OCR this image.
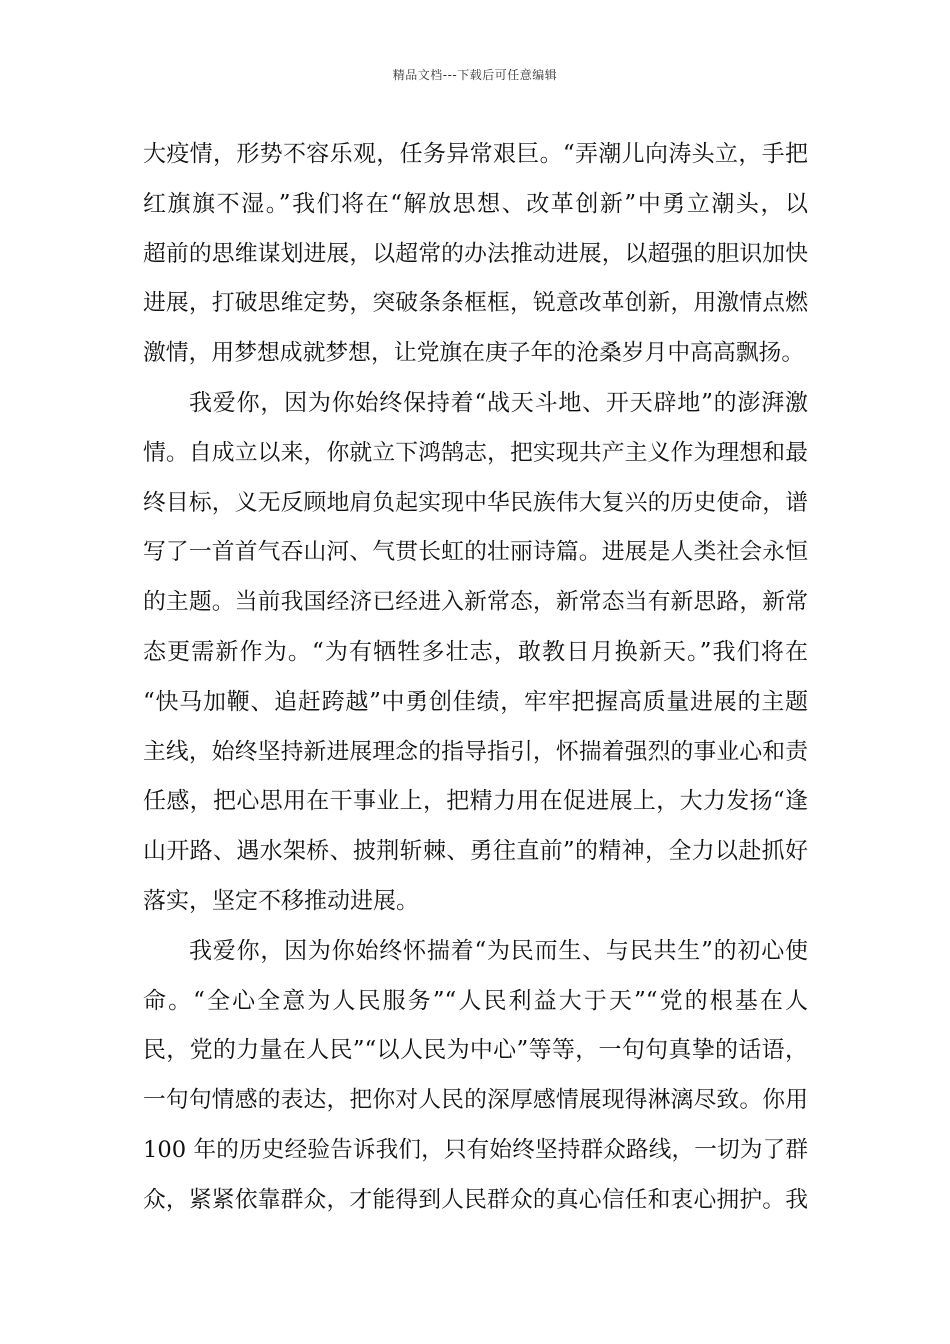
精品文档---下载后可任意编辑
大疫情，形势不容乐观，任务异常艰巨。“弄潮儿向涛头立，手把
红旗旗不湿。”我们将在“解放思想、改革创新”中勇立潮头，以
超前的思维谋划进展，以超常的办法推动进展，以超强的胆识加快
进展，打破思维定势，突破条条框框，锐意改革创新，用激情点燃
激情，用梦想成就梦想，让党旗在庚子年的沧桑岁月中高高飘扬。
我爱你，因为你始终保持着“战天斗地、开天辟地”的澎湃激
情。自成立以来，你就立下鸿鹄志，把实现共产主义作为理想和最
终目标，义无反顾地肩负起实现中华民族伟大复兴的历史使命，谱
写了一首首气吞山河、气贯长虹的壮丽诗篇。进展是人类社会永恒
的主题。当前我国经济已经进入新常态，新常态当有新思路，新常
态更需新作为。“为有牺牲多壮志，敢教日月换新天。”我们将在
“快马加鞭、追赶跨越”中勇创佳绩，牢牢把握高质量进展的主题
主线，始终坚持新进展理念的指导指引，怀揣着强烈的事业心和责
任感，把心思用在干事业上，把精力用在促进展上，大力发扬“逢
山开路、遇水架桥、披荆斩棘、勇往直前”的精神，全力以赴抓好
落实，坚定不移推动进展。
我爱你，因为你始终怀揣着“为民而生、与民共生”的初心使
命。“全心全意为人民服务”“人民利益大于天”“党的根基在人
民，党的力量在人民”“以人民为中心”等等，一句句真挚的话语，
一句句情感的表达，把你对人民的深厚感情展现得淋漓尽致。你用
100 年的历史经验告诉我们，只有始终坚持群众路线，一切为了群
众，紧紧依靠群众，才能得到人民群众的真心信任和衷心拥护。我
